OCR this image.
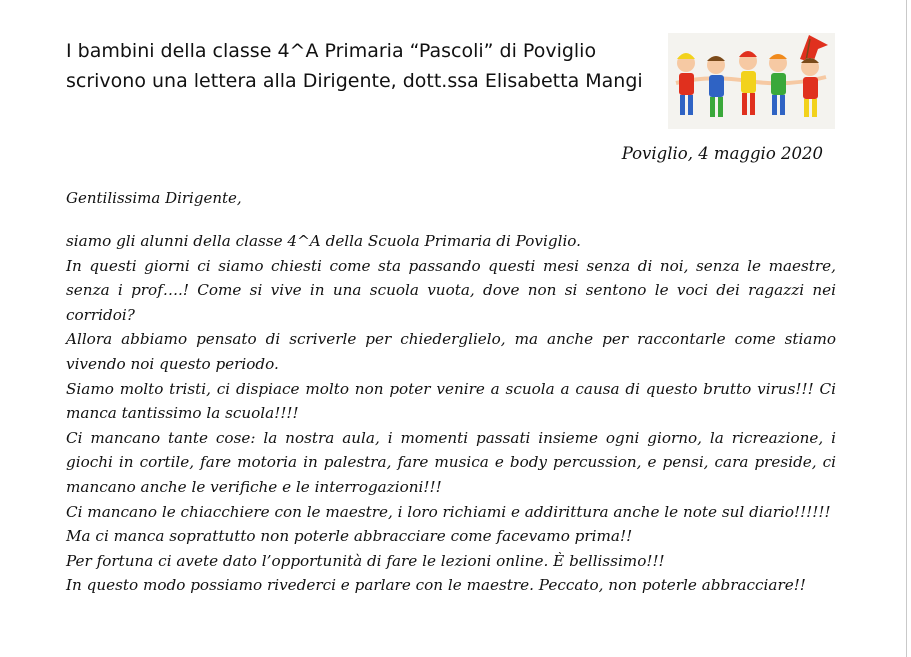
I bambini della classe 4^A Primaria “Pascoli” di Poviglio scrivono una lettera alla Dirigente, dott.ssa Elisabetta Mangi
Poviglio, 4 maggio 2020
Gentilissima Dirigente,

siamo gli alunni della classe 4^A della Scuola Primaria di Poviglio.

In questi giorni ci siamo chiesti come sta passando questi mesi senza di noi, senza le maestre, senza i prof….! Come si vive in una scuola vuota, dove non si sentono le voci dei ragazzi nei corridoi?

Allora abbiamo pensato di scriverle per chiederglielo, ma anche per raccontarle come stiamo vivendo noi questo periodo.

Siamo molto tristi, ci dispiace molto non poter venire a scuola a causa di questo brutto virus!!! Ci manca tantissimo la scuola!!!!

Ci mancano tante cose: la nostra aula, i momenti passati insieme ogni giorno, la ricreazione, i giochi in cortile, fare motoria in palestra, fare musica e body percussion, e pensi, cara preside, ci mancano anche le verifiche e le interrogazioni!!!

Ci mancano le chiacchiere con le maestre, i loro richiami e addirittura anche le note sul diario!!!!!!

Ma ci manca soprattutto non poterle abbracciare come facevamo prima!!

Per fortuna ci avete dato l’opportunità di fare le lezioni online. È bellissimo!!!

In questo modo possiamo rivederci e parlare con le maestre. Peccato, non poterle abbracciare!!
